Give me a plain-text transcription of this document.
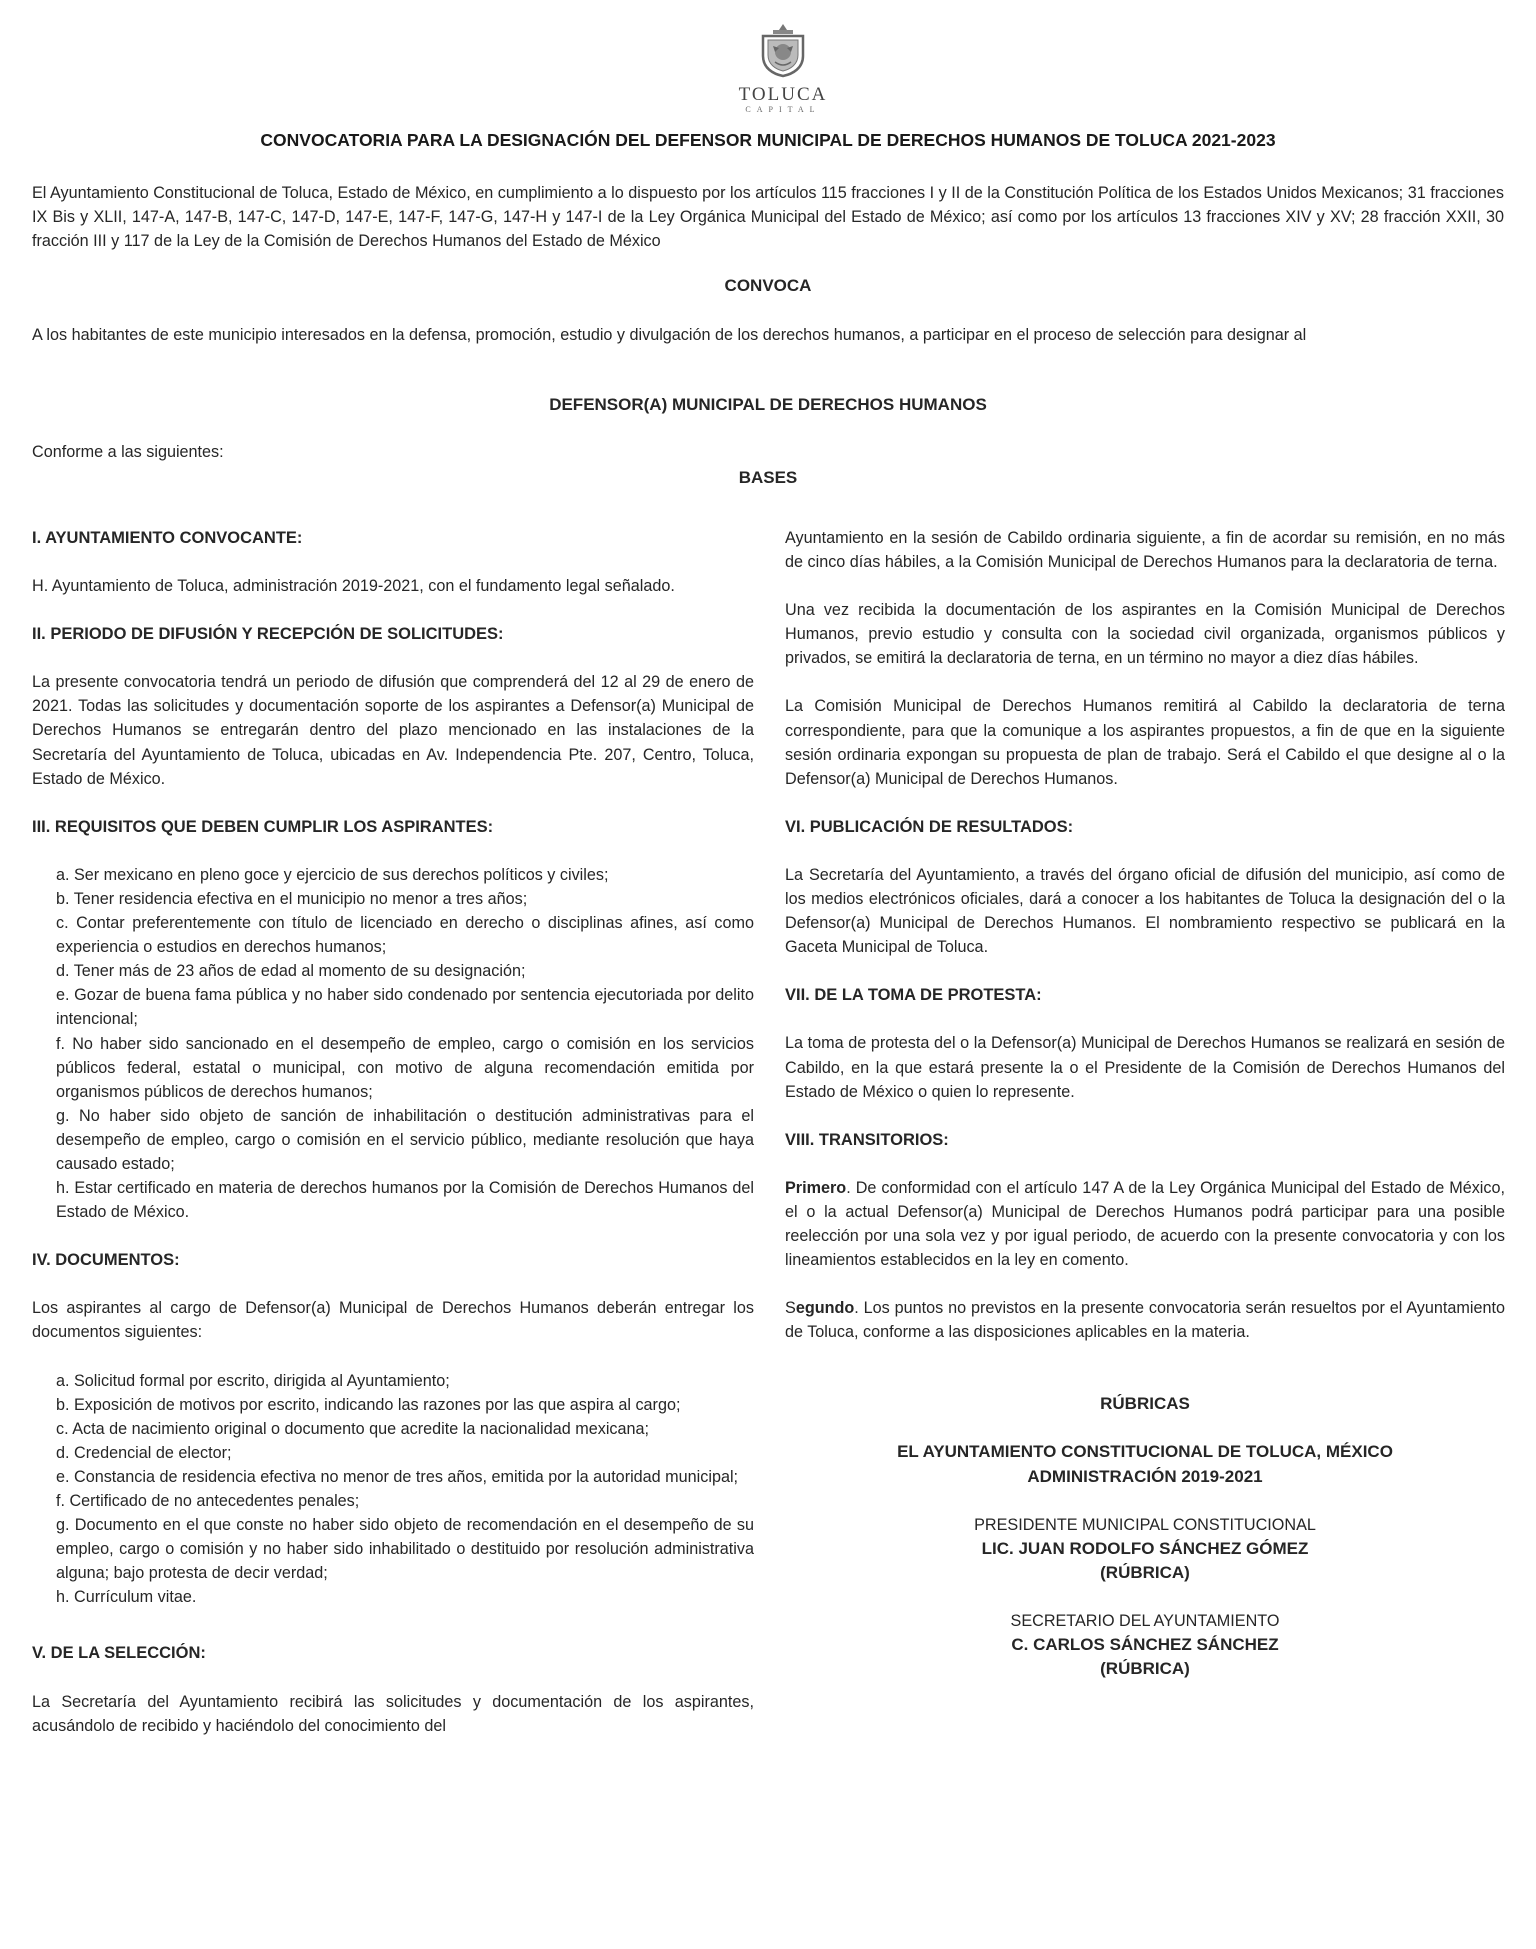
TOLUCA
CAPITAL
CONVOCATORIA PARA LA DESIGNACIÓN DEL DEFENSOR MUNICIPAL DE DERECHOS HUMANOS DE TOLUCA 2021-2023
El Ayuntamiento Constitucional de Toluca, Estado de México, en cumplimiento a lo dispuesto por los artículos 115 fracciones I y II de la Constitución Política de los Estados Unidos Mexicanos; 31 fracciones IX Bis y XLII, 147-A, 147-B, 147-C, 147-D, 147-E, 147-F, 147-G, 147-H y 147-I de la Ley Orgánica Municipal del Estado de México; así como por los artículos 13 fracciones XIV y XV; 28 fracción XXII, 30 fracción III y 117 de la Ley de la Comisión de Derechos Humanos del Estado de México
CONVOCA
A los habitantes de este municipio interesados en la defensa, promoción, estudio y divulgación de los derechos humanos, a participar en el proceso de selección para designar al
DEFENSOR(A) MUNICIPAL DE DERECHOS HUMANOS
Conforme a las siguientes:
BASES
I. AYUNTAMIENTO CONVOCANTE:
H. Ayuntamiento de Toluca, administración 2019-2021, con el fundamento legal señalado.
II. PERIODO DE DIFUSIÓN Y RECEPCIÓN DE SOLICITUDES:
La presente convocatoria tendrá un periodo de difusión que comprenderá del 12 al 29 de enero de 2021. Todas las solicitudes y documentación soporte de los aspirantes a Defensor(a) Municipal de Derechos Humanos se entregarán dentro del plazo mencionado en las instalaciones de la Secretaría del Ayuntamiento de Toluca, ubicadas en Av. Independencia Pte. 207, Centro, Toluca, Estado de México.
III. REQUISITOS QUE DEBEN CUMPLIR LOS ASPIRANTES:
a. Ser mexicano en pleno goce y ejercicio de sus derechos políticos y civiles;
b. Tener residencia efectiva en el municipio no menor a tres años;
c. Contar preferentemente con título de licenciado en derecho o disciplinas afines, así como experiencia o estudios en derechos humanos;
d. Tener más de 23 años de edad al momento de su designación;
e. Gozar de buena fama pública y no haber sido condenado por sentencia ejecutoriada por delito intencional;
f. No haber sido sancionado en el desempeño de empleo, cargo o comisión en los servicios públicos federal, estatal o municipal, con motivo de alguna recomendación emitida por organismos públicos de derechos humanos;
g. No haber sido objeto de sanción de inhabilitación o destitución administrativas para el desempeño de empleo, cargo o comisión en el servicio público, mediante resolución que haya causado estado;
h. Estar certificado en materia de derechos humanos por la Comisión de Derechos Humanos del Estado de México.
IV. DOCUMENTOS:
Los aspirantes al cargo de Defensor(a) Municipal de Derechos Humanos deberán entregar los documentos siguientes:
a. Solicitud formal por escrito, dirigida al Ayuntamiento;
b. Exposición de motivos por escrito, indicando las razones por las que aspira al cargo;
c. Acta de nacimiento original o documento que acredite la nacionalidad mexicana;
d. Credencial de elector;
e. Constancia de residencia efectiva no menor de tres años, emitida por la autoridad municipal;
f. Certificado de no antecedentes penales;
g. Documento en el que conste no haber sido objeto de recomendación en el desempeño de su empleo, cargo o comisión y no haber sido inhabilitado o destituido por resolución administrativa alguna; bajo protesta de decir verdad;
h. Currículum vitae.
V. DE LA SELECCIÓN:
La Secretaría del Ayuntamiento recibirá las solicitudes y documentación de los aspirantes, acusándolo de recibido y haciéndolo del conocimiento del
Ayuntamiento en la sesión de Cabildo ordinaria siguiente, a fin de acordar su remisión, en no más de cinco días hábiles, a la Comisión Municipal de Derechos Humanos para la declaratoria de terna.
Una vez recibida la documentación de los aspirantes en la Comisión Municipal de Derechos Humanos, previo estudio y consulta con la sociedad civil organizada, organismos públicos y privados, se emitirá la declaratoria de terna, en un término no mayor a diez días hábiles.
La Comisión Municipal de Derechos Humanos remitirá al Cabildo la declaratoria de terna correspondiente, para que la comunique a los aspirantes propuestos, a fin de que en la siguiente sesión ordinaria expongan su propuesta de plan de trabajo. Será el Cabildo el que designe al o la Defensor(a) Municipal de Derechos Humanos.
VI. PUBLICACIÓN DE RESULTADOS:
La Secretaría del Ayuntamiento, a través del órgano oficial de difusión del municipio, así como de los medios electrónicos oficiales, dará a conocer a los habitantes de Toluca la designación del o la Defensor(a) Municipal de Derechos Humanos. El nombramiento respectivo se publicará en la Gaceta Municipal de Toluca.
VII. DE LA TOMA DE PROTESTA:
La toma de protesta del o la Defensor(a) Municipal de Derechos Humanos se realizará en sesión de Cabildo, en la que estará presente la o el Presidente de la Comisión de Derechos Humanos del Estado de México o quien lo represente.
VIII. TRANSITORIOS:
Primero. De conformidad con el artículo 147 A de la Ley Orgánica Municipal del Estado de México, el o la actual Defensor(a) Municipal de Derechos Humanos podrá participar para una posible reelección por una sola vez y por igual periodo, de acuerdo con la presente convocatoria y con los lineamientos establecidos en la ley en comento.
Segundo. Los puntos no previstos en la presente convocatoria serán resueltos por el Ayuntamiento de Toluca, conforme a las disposiciones aplicables en la materia.
RÚBRICAS
EL AYUNTAMIENTO CONSTITUCIONAL DE TOLUCA, MÉXICO
ADMINISTRACIÓN 2019-2021
PRESIDENTE MUNICIPAL CONSTITUCIONAL
LIC. JUAN RODOLFO SÁNCHEZ GÓMEZ
(RÚBRICA)
SECRETARIO DEL AYUNTAMIENTO
C. CARLOS SÁNCHEZ SÁNCHEZ
(RÚBRICA)
